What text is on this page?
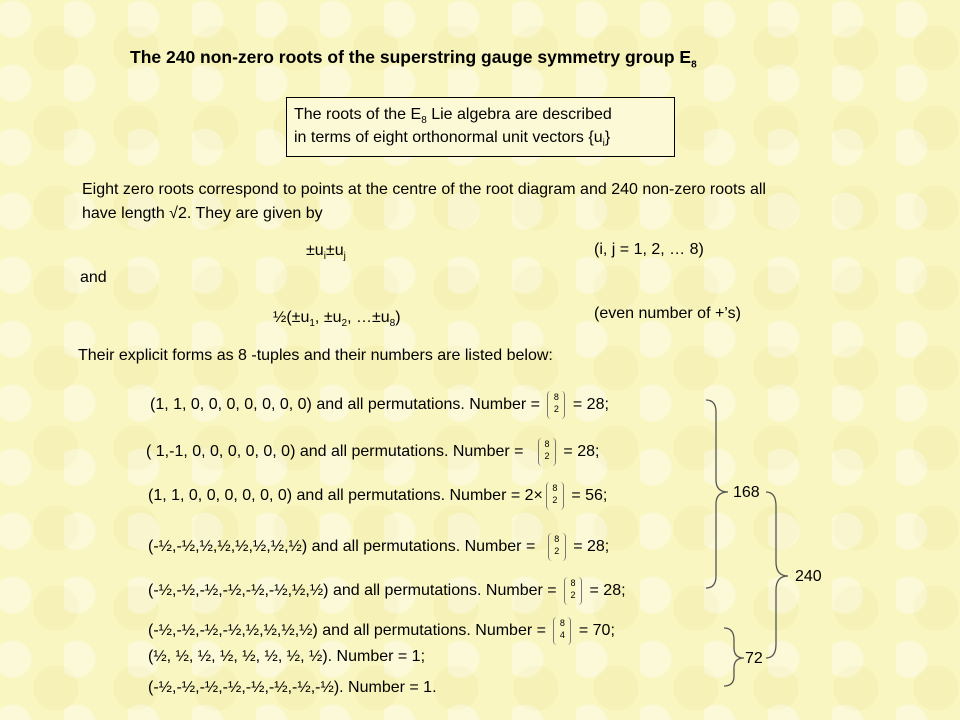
The 240 non-zero roots of the superstring gauge symmetry group $E_8$
The roots of the $E_8$ Lie algebra are described
in terms of eight orthonormal unit vectors $\{u_i\}$
Eight zero roots correspond to points at the centre of the root diagram and 240 non-zero roots all
have length √2. They are given by
$\pm u_i\pm u_j$	(i, j = 1, 2, … 8)
and
$\frac{1}{2}(\pm u_1$, $\pm u_2$, $\dots\pm u_8$)	(even number of +’s)
Their explicit forms as 8 -tuples and their numbers are listed below:
(1, 1, 0, 0, 0, 0, 0, 0, 0) and all permutations. Number =	8
2 = 28;
( 1,-1, 0, 0, 0, 0, 0, 0) and all permutations. Number =	8
2 = 28;
(1, 1, 0, 0, 0, 0, 0, 0) and all permutations. Number = 2×	8
2 = 56;
(-½,-½,½,½,½,½,½,½) and all permutations. Number =	8
2 = 28;
(-½,-½,-½,-½,-½,-½,½,½) and all permutations. Number =	8
2 = 28;
(-½,-½,-½,-½,½,½,½,½) and all permutations. Number =	8
4 = 70;
(½, ½, ½, ½, ½, ½, ½, ½). Number = 1;
(-½,-½,-½,-½,-½,-½,-½,-½). Number = 1.
168
72
240
